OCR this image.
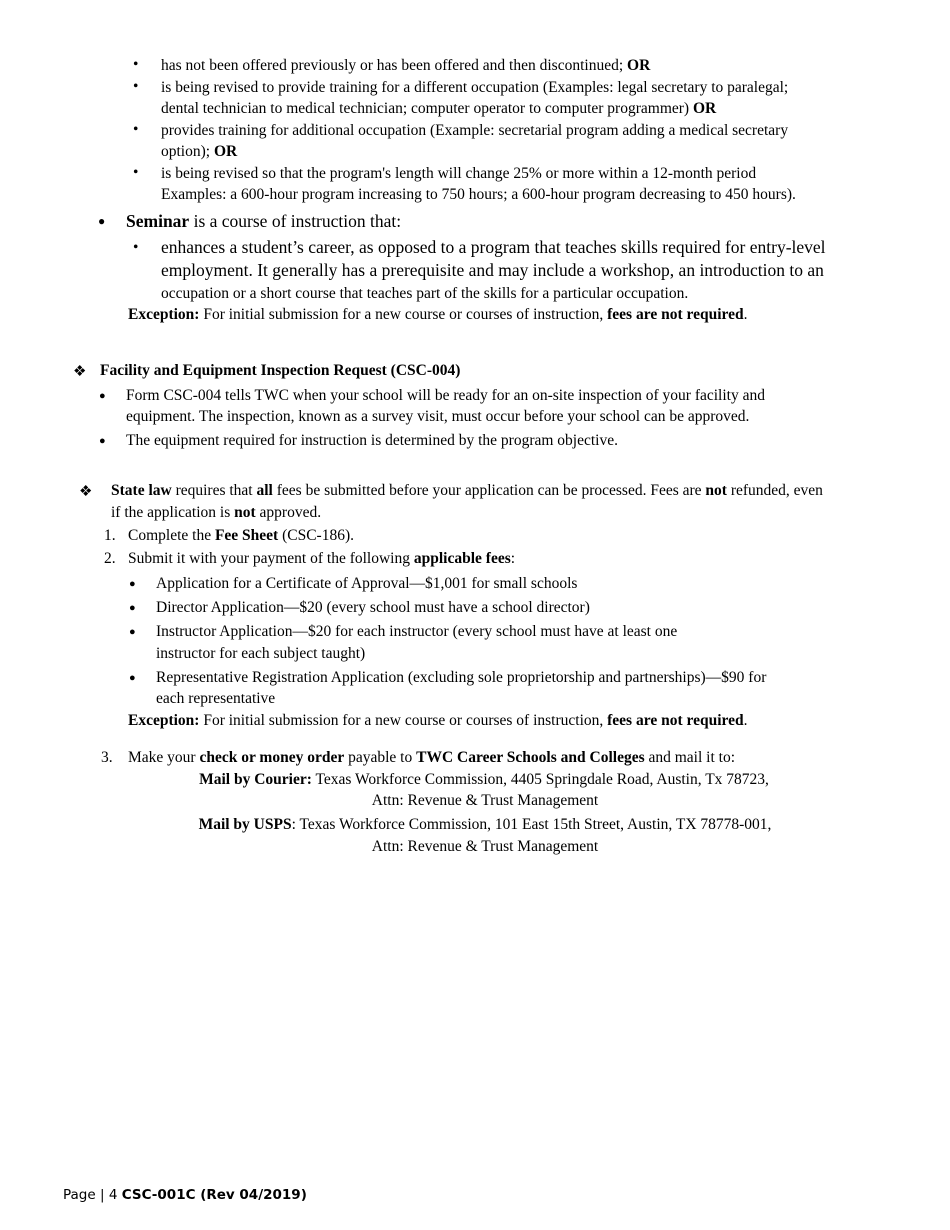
• has not been offered previously or has been offered and then discontinued; OR
• is being revised to provide training for a different occupation (Examples: legal secretary to paralegal;
dental technician to medical technician; computer operator to computer programmer) OR
• provides training for additional occupation (Example: secretarial program adding a medical secretary
option); OR
• is being revised so that the program's length will change 25% or more within a 12-month period
Examples: a 600-hour program increasing to 750 hours; a 600-hour program decreasing to 450 hours).
● Seminar is a course of instruction that:
• enhances a student’s career, as opposed to a program that teaches skills required for entry-level
employment. It generally has a prerequisite and may include a workshop, an introduction to an
occupation or a short course that teaches part of the skills for a particular occupation.
Exception: For initial submission for a new course or courses of instruction, fees are not required.
❖ Facility and Equipment Inspection Request (CSC-004)
● Form CSC-004 tells TWC when your school will be ready for an on-site inspection of your facility and
equipment. The inspection, known as a survey visit, must occur before your school can be approved.
● The equipment required for instruction is determined by the program objective.
❖ State law requires that all fees be submitted before your application can be processed. Fees are not refunded, even
if the application is not approved.
1. Complete the Fee Sheet (CSC-186).
2. Submit it with your payment of the following applicable fees:
● Application for a Certificate of Approval—$1,001 for small schools
● Director Application—$20 (every school must have a school director)
● Instructor Application—$20 for each instructor (every school must have at least one
instructor for each subject taught)
● Representative Registration Application (excluding sole proprietorship and partnerships)—$90 for
each representative
Exception: For initial submission for a new course or courses of instruction, fees are not required.
3. Make your check or money order payable to TWC Career Schools and Colleges and mail it to:
Mail by Courier: Texas Workforce Commission, 4405 Springdale Road, Austin, Tx 78723,
Attn: Revenue & Trust Management
Mail by USPS: Texas Workforce Commission, 101 East 15th Street, Austin, TX 78778-001,
Attn: Revenue & Trust Management
Page | 4 CSC-001C (Rev 04/2019)
